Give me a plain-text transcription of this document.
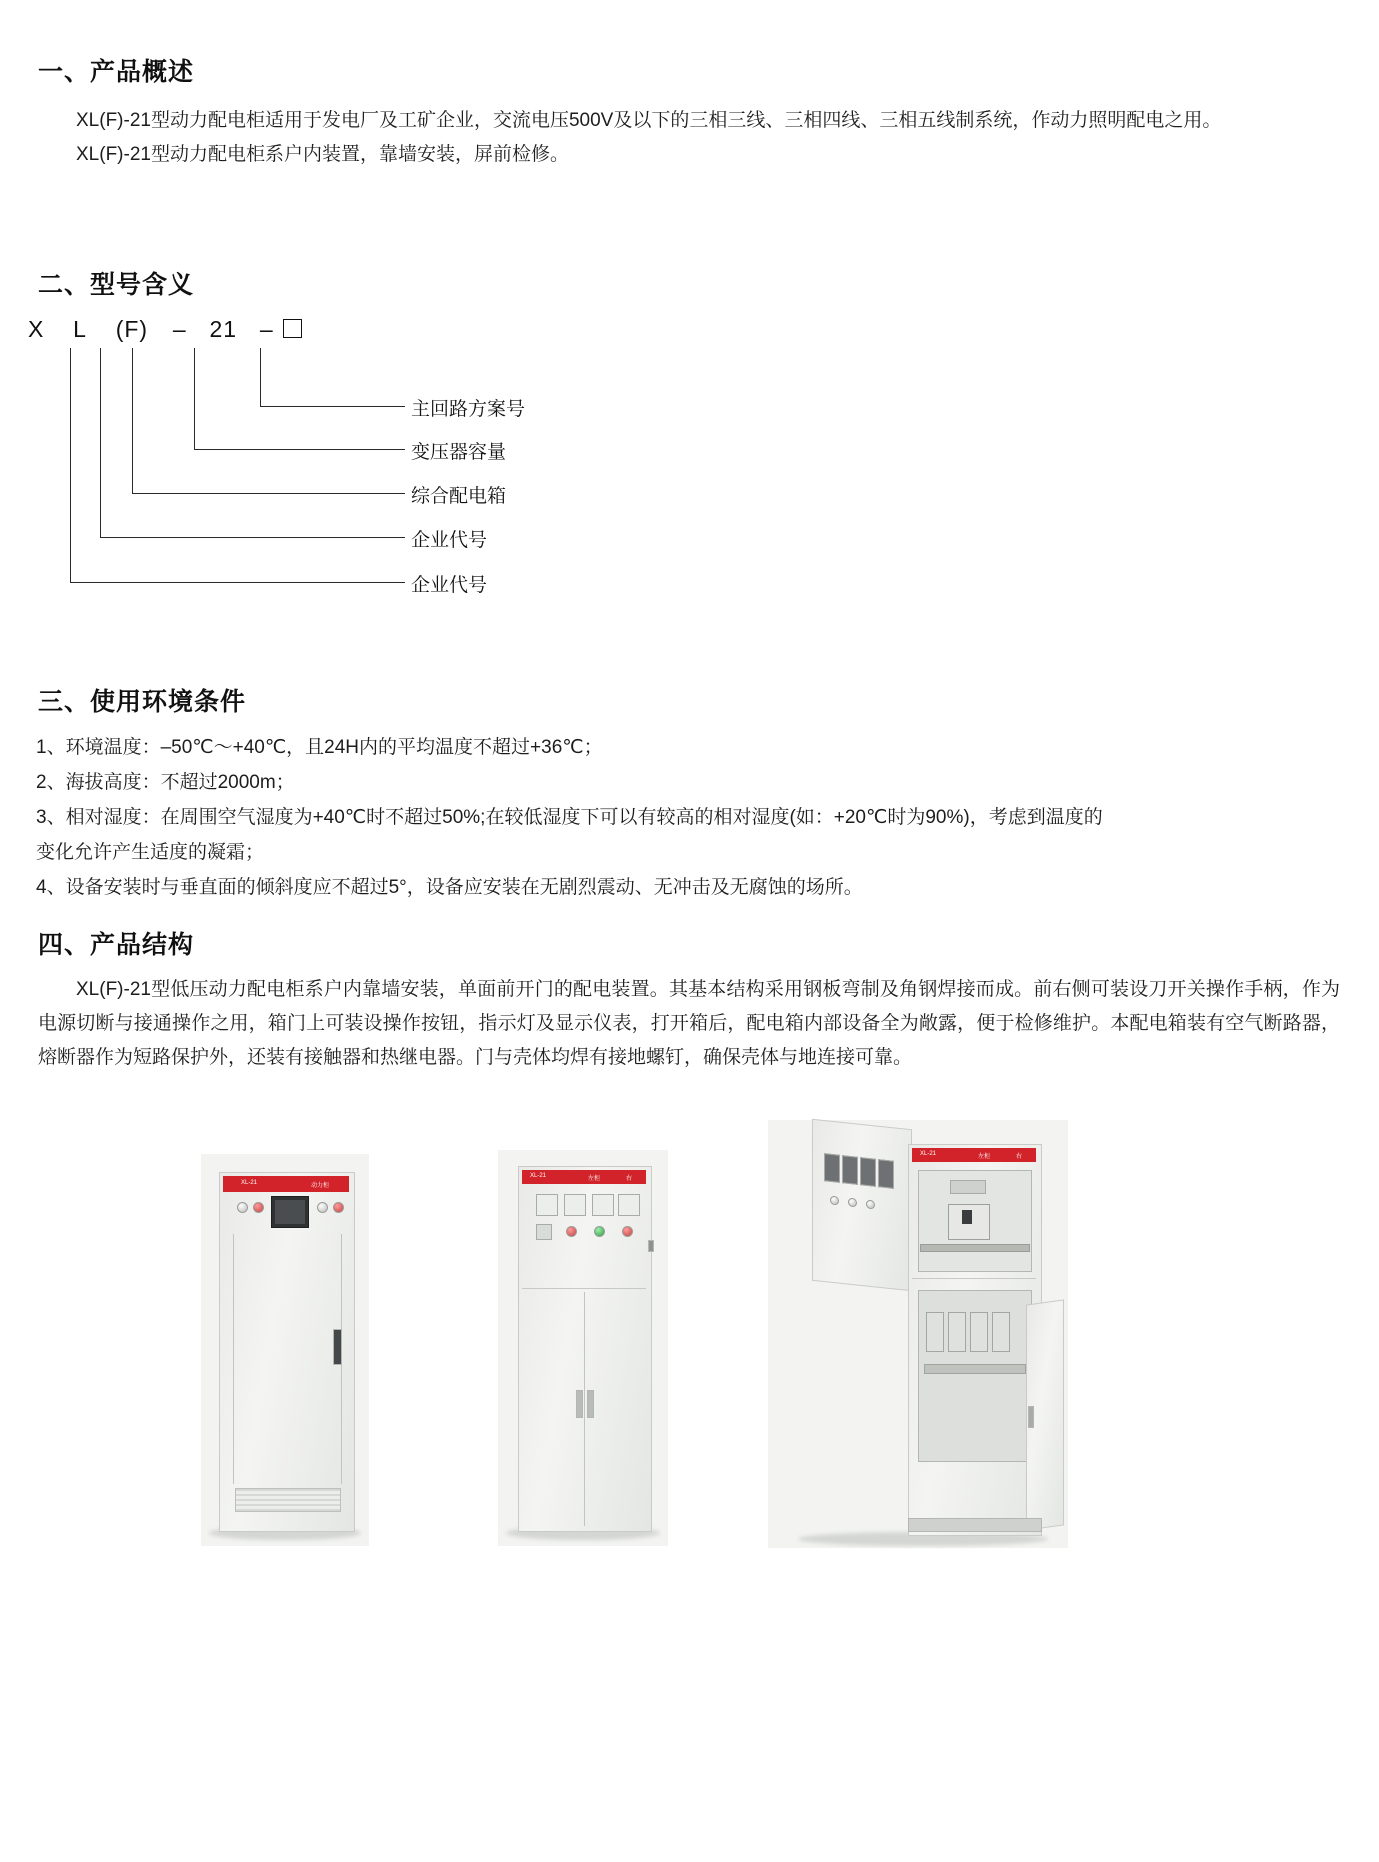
一、产品概述

XL(F)-21型动力配电柜适用于发电厂及工矿企业，交流电压500V及以下的三相三线、三相四线、三相五线制系统，作动力照明配电之用。

XL(F)-21型动力配电柜系户内装置，靠墙安装，屏前检修。

二、型号含义
X L (F) – 21 –
主回路方案号
变压器容量
综合配电箱
企业代号
企业代号
三、使用环境条件

1、环境温度：–50℃～+40℃，且24H内的平均温度不超过+36℃；

2、海拔高度：不超过2000m；

3、相对湿度：在周围空气湿度为+40℃时不超过50%;在较低湿度下可以有较高的相对湿度(如：+20℃时为90%)，考虑到温度的

变化允许产生适度的凝霜；

4、设备安装时与垂直面的倾斜度应不超过5°，设备应安装在无剧烈震动、无冲击及无腐蚀的场所。

四、产品结构

XL(F)-21型低压动力配电柜系户内靠墙安装，单面前开门的配电装置。其基本结构采用钢板弯制及角钢焊接而成。前右侧可装设刀开关操作手柄，作为电源切断与接通操作之用，箱门上可装设操作按钮，指示灯及显示仪表，打开箱后，配电箱内部设备全为敞露，便于检修维护。本配电箱装有空气断路器，熔断器作为短路保护外，还装有接触器和热继电器。门与壳体均焊有接地螺钉，确保壳体与地连接可靠。

XL-21	动力柜
XL-21	左柜	右
XL-21	左柜	右
